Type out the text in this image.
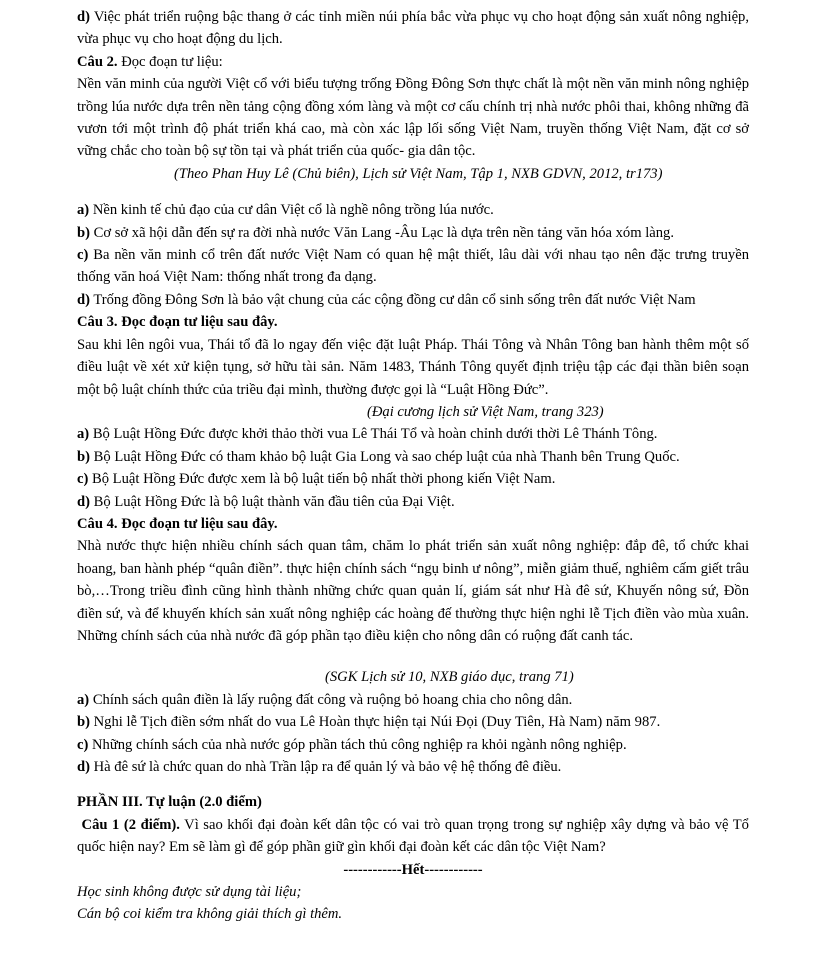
d) Việc phát triển ruộng bậc thang ở các tỉnh miền núi phía bắc vừa phục vụ cho hoạt động sản xuất nông nghiệp, vừa phục vụ cho hoạt động du lịch.

Câu 2. Đọc đoạn tư liệu:

Nền văn minh của người Việt cổ với biểu tượng trống Đồng Đông Sơn thực chất là một nền văn minh nông nghiệp trồng lúa nước dựa trên nền tảng cộng đồng xóm làng và một cơ cấu chính trị nhà nước phôi thai, không những đã vươn tới một trình độ phát triển khá cao, mà còn xác lập lối sống Việt Nam, truyền thống Việt Nam, đặt cơ sở vững chắc cho toàn bộ sự tồn tại và phát triển của quốc- gia dân tộc.

(Theo Phan Huy Lê (Chủ biên), Lịch sử Việt Nam, Tập 1, NXB GDVN, 2012, tr173)

a) Nền kinh tế chủ đạo của cư dân Việt cổ là nghề nông trồng lúa nước.

b) Cơ sở xã hội dẫn đến sự ra đời nhà nước Văn Lang -Âu Lạc là dựa trên nền tảng văn hóa xóm làng.

c) Ba nền văn minh cổ trên đất nước Việt Nam có quan hệ mật thiết, lâu dài với nhau tạo nên đặc trưng truyền thống văn hoá Việt Nam: thống nhất trong đa dạng.

d) Trống đồng Đông Sơn là bảo vật chung của các cộng đồng cư dân cổ sinh sống trên đất nước Việt Nam

Câu 3. Đọc đoạn tư liệu sau đây.

Sau khi lên ngôi vua, Thái tổ đã lo ngay đến việc đặt luật Pháp. Thái Tông và Nhân Tông ban hành thêm một số điều luật về xét xử kiện tụng, sở hữu tài sản. Năm 1483, Thánh Tông quyết định triệu tập các đại thần biên soạn một bộ luật chính thức của triều đại mình, thường được gọi là “Luật Hồng Đức”.

(Đại cương lịch sử Việt Nam, trang 323)

a) Bộ Luật Hồng Đức được khởi thảo thời vua Lê Thái Tổ và hoàn chỉnh dưới thời Lê Thánh Tông.

b) Bộ Luật Hồng Đức có tham khảo bộ luật Gia Long và sao chép luật của nhà Thanh bên Trung Quốc.

c) Bộ Luật Hồng Đức được xem là bộ luật tiến bộ nhất thời phong kiến Việt Nam.

d) Bộ Luật Hồng Đức là bộ luật thành văn đầu tiên của Đại Việt.

Câu 4. Đọc đoạn tư liệu sau đây.

Nhà nước thực hiện nhiều chính sách quan tâm, chăm lo phát triển sản xuất nông nghiệp: đắp đê, tổ chức khai hoang, ban hành phép “quân điền”. thực hiện chính sách “ngụ binh ư nông”, miễn giảm thuế, nghiêm cấm giết trâu bò,…Trong triều đình cũng hình thành những chức quan quản lí, giám sát như Hà đê sứ, Khuyến nông sứ, Đồn điền sứ, và để khuyến khích sản xuất nông nghiệp các hoàng đế thường thực hiện nghi lễ Tịch điền vào mùa xuân. Những chính sách của nhà nước đã góp phần tạo điều kiện cho nông dân có ruộng đất canh tác.

(SGK Lịch sử 10, NXB giáo dục, trang 71)

a) Chính sách quân điền là lấy ruộng đất công và ruộng bỏ hoang chia cho nông dân.

b) Nghi lễ Tịch điền sớm nhất do vua Lê Hoàn thực hiện tại Núi Đọi (Duy Tiên, Hà Nam) năm 987.

c) Những chính sách của nhà nước góp phần tách thủ công nghiệp ra khỏi ngành nông nghiệp.

d) Hà đê sứ là chức quan do nhà Trần lập ra để quản lý và bảo vệ hệ thống đê điều.

PHẦN III. Tự luận (2.0 điểm)

Câu 1 (2 điểm). Vì sao khối đại đoàn kết dân tộc có vai trò quan trọng trong sự nghiệp xây dựng và bảo vệ Tổ quốc hiện nay? Em sẽ làm gì để góp phần giữ gìn khối đại đoàn kết các dân tộc Việt Nam?

------------Hết------------

Học sinh không được sử dụng tài liệu;

Cán bộ coi kiểm tra không giải thích gì thêm.
